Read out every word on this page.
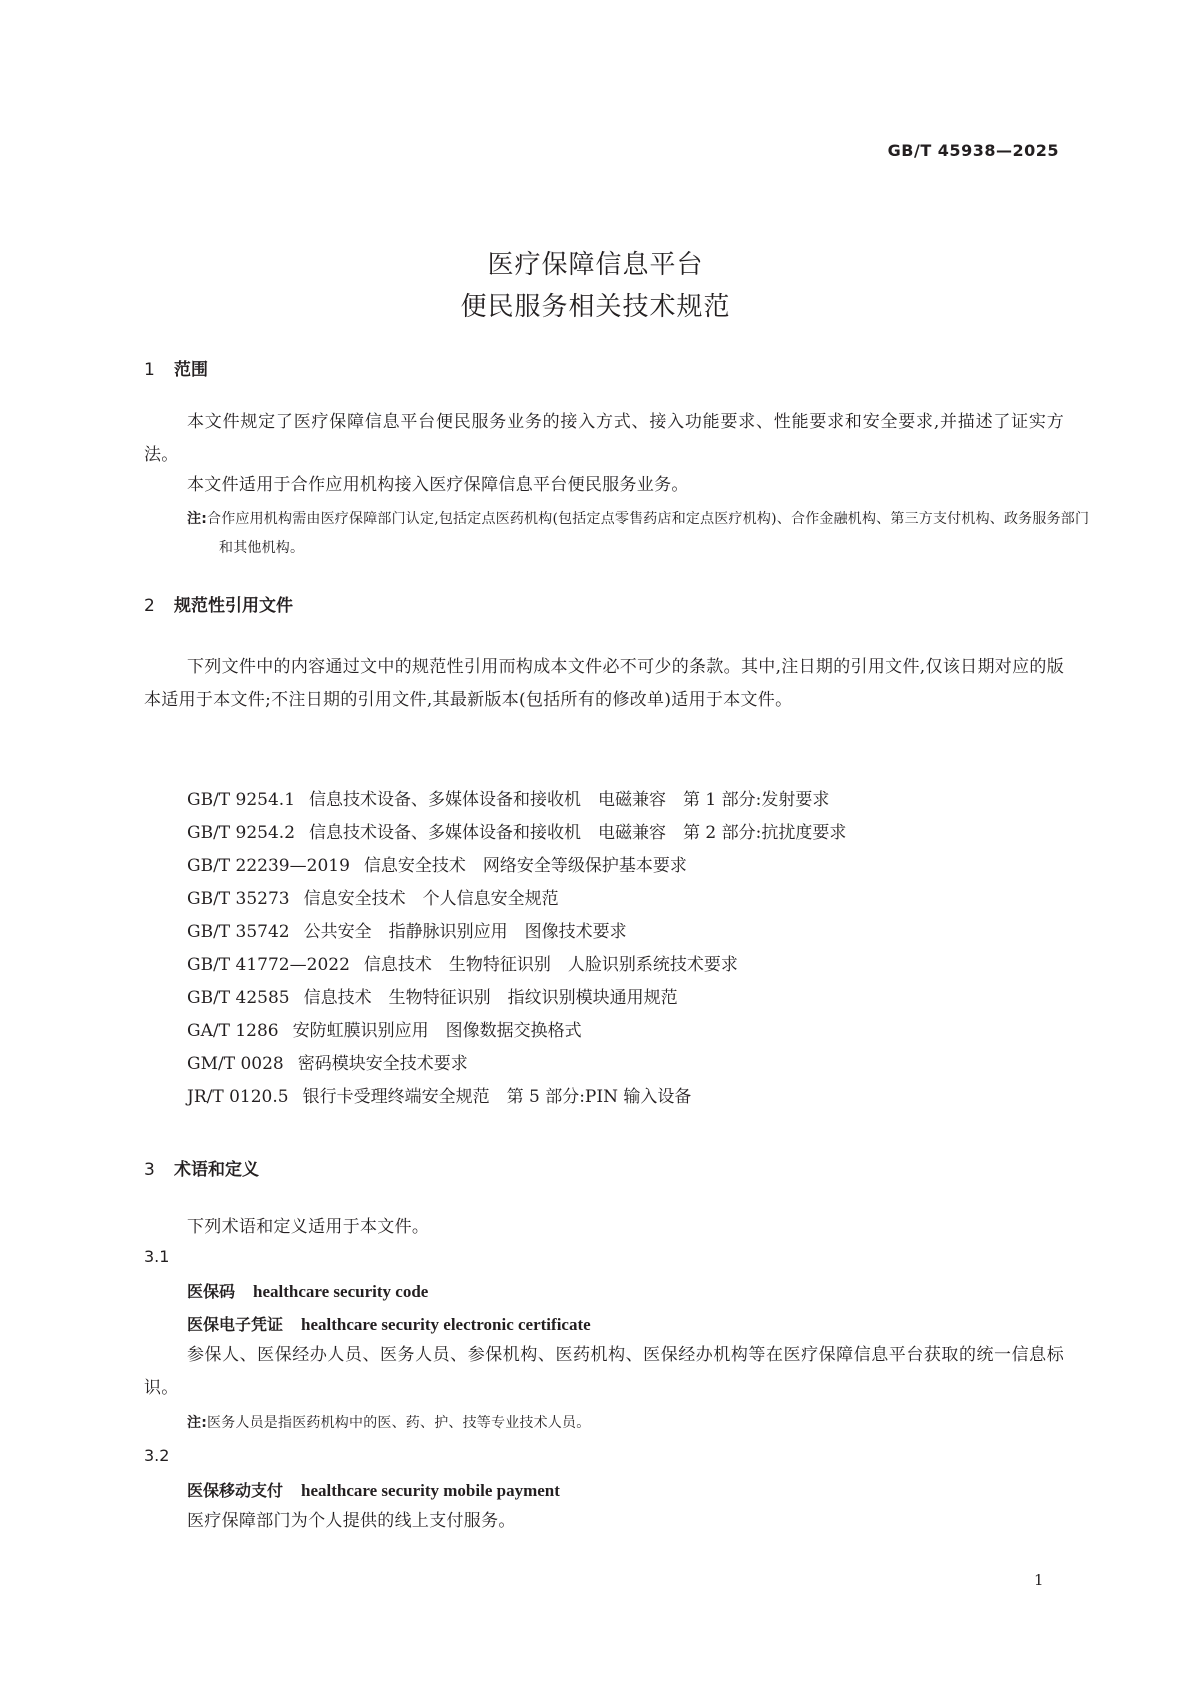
GB/T 45938—2025
医疗保障信息平台
便民服务相关技术规范
1 范围
本文件规定了医疗保障信息平台便民服务业务的接入方式、接入功能要求、性能要求和安全要求,并描述了证实方法。
本文件适用于合作应用机构接入医疗保障信息平台便民服务业务。
注:合作应用机构需由医疗保障部门认定,包括定点医药机构(包括定点零售药店和定点医疗机构)、合作金融机构、第三方支付机构、政务服务部门和其他机构。
2 规范性引用文件
下列文件中的内容通过文中的规范性引用而构成本文件必不可少的条款。其中,注日期的引用文件,仅该日期对应的版本适用于本文件;不注日期的引用文件,其最新版本(包括所有的修改单)适用于本文件。
GB/T 9254.1 信息技术设备、多媒体设备和接收机　电磁兼容　第 1 部分:发射要求
GB/T 9254.2 信息技术设备、多媒体设备和接收机　电磁兼容　第 2 部分:抗扰度要求
GB/T 22239—2019 信息安全技术　网络安全等级保护基本要求
GB/T 35273 信息安全技术　个人信息安全规范
GB/T 35742 公共安全　指静脉识别应用　图像技术要求
GB/T 41772—2022 信息技术　生物特征识别　人脸识别系统技术要求
GB/T 42585 信息技术　生物特征识别　指纹识别模块通用规范
GA/T 1286 安防虹膜识别应用　图像数据交换格式
GM/T 0028 密码模块安全技术要求
JR/T 0120.5 银行卡受理终端安全规范　第 5 部分:PIN 输入设备
3 术语和定义
下列术语和定义适用于本文件。
3.1
医保码 healthcare security code
医保电子凭证 healthcare security electronic certificate
参保人、医保经办人员、医务人员、参保机构、医药机构、医保经办机构等在医疗保障信息平台获取的统一信息标识。
注:医务人员是指医药机构中的医、药、护、技等专业技术人员。
3.2
医保移动支付 healthcare security mobile payment
医疗保障部门为个人提供的线上支付服务。
1
